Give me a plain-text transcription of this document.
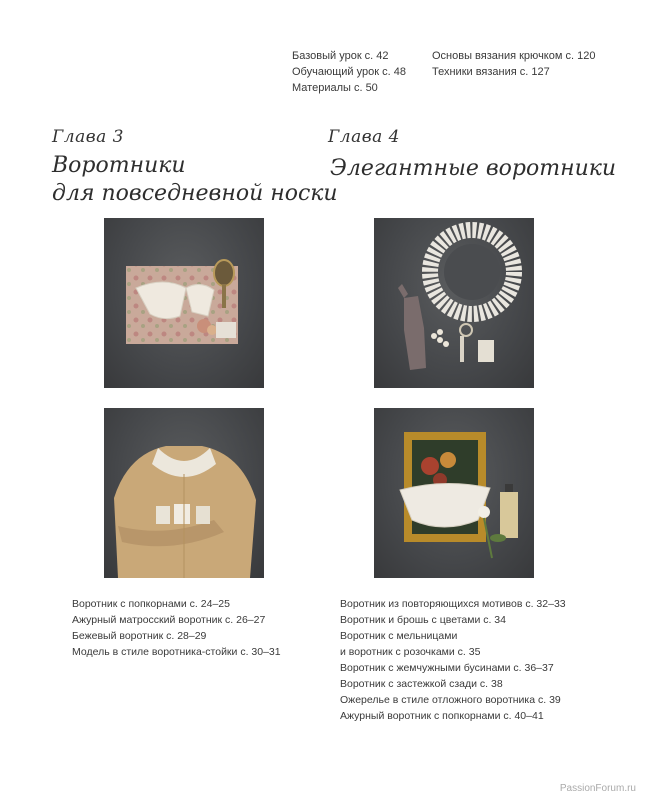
Базовый урок с. 42
Обучающий урок с. 48
Материалы с. 50
Основы вязания крючком с. 120
Техники вязания с. 127
Глава 3
Воротники
для повседневной носки
Глава 4
Элегантные воротники
Воротник с попкорнами с. 24–25
Ажурный матросский воротник с. 26–27
Бежевый воротник с. 28–29
Модель в стиле воротника-стойки с. 30–31
Воротник из повторяющихся мотивов с. 32–33
Воротник и брошь с цветами с. 34
Воротник с мельницами
и воротник с розочками с. 35
Воротник с жемчужными бусинами с. 36–37
Воротник с застежкой сзади с. 38
Ожерелье в стиле отложного воротника с. 39
Ажурный воротник с попкорнами с. 40–41
PassionForum.ru
